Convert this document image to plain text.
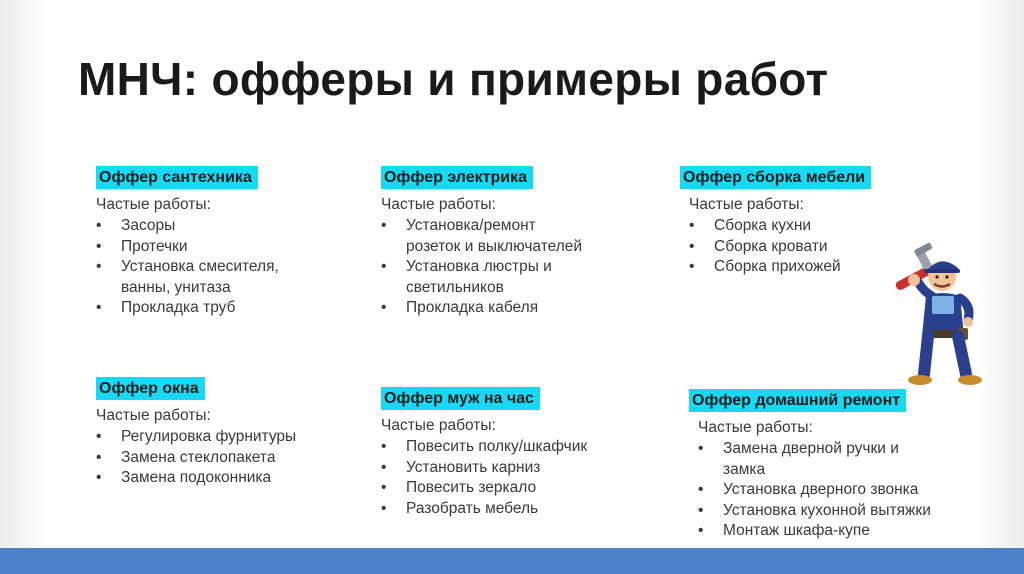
МНЧ: офферы и примеры работ
Оффер сантехника
Частые работы:
• Засоры
• Протечки
• Установка смесителя,
ванны, унитаза
• Прокладка труб
Оффер электрика
Частые работы:
• Установка/ремонт
розеток и выключателей
• Установка люстры и
светильников
• Прокладка кабеля
Оффер сборка мебели
Частые работы:
• Сборка кухни
• Сборка кровати
• Сборка прихожей
Оффер окна
Частые работы:
• Регулировка фурнитуры
• Замена стеклопакета
• Замена подоконника
Оффер муж на час
Частые работы:
• Повесить полку/шкафчик
• Установить карниз
• Повесить зеркало
• Разобрать мебель
Оффер домашний ремонт
Частые работы:
• Замена дверной ручки и
замка
• Установка дверного звонка
• Установка кухонной вытяжки
• Монтаж шкафа-купе
